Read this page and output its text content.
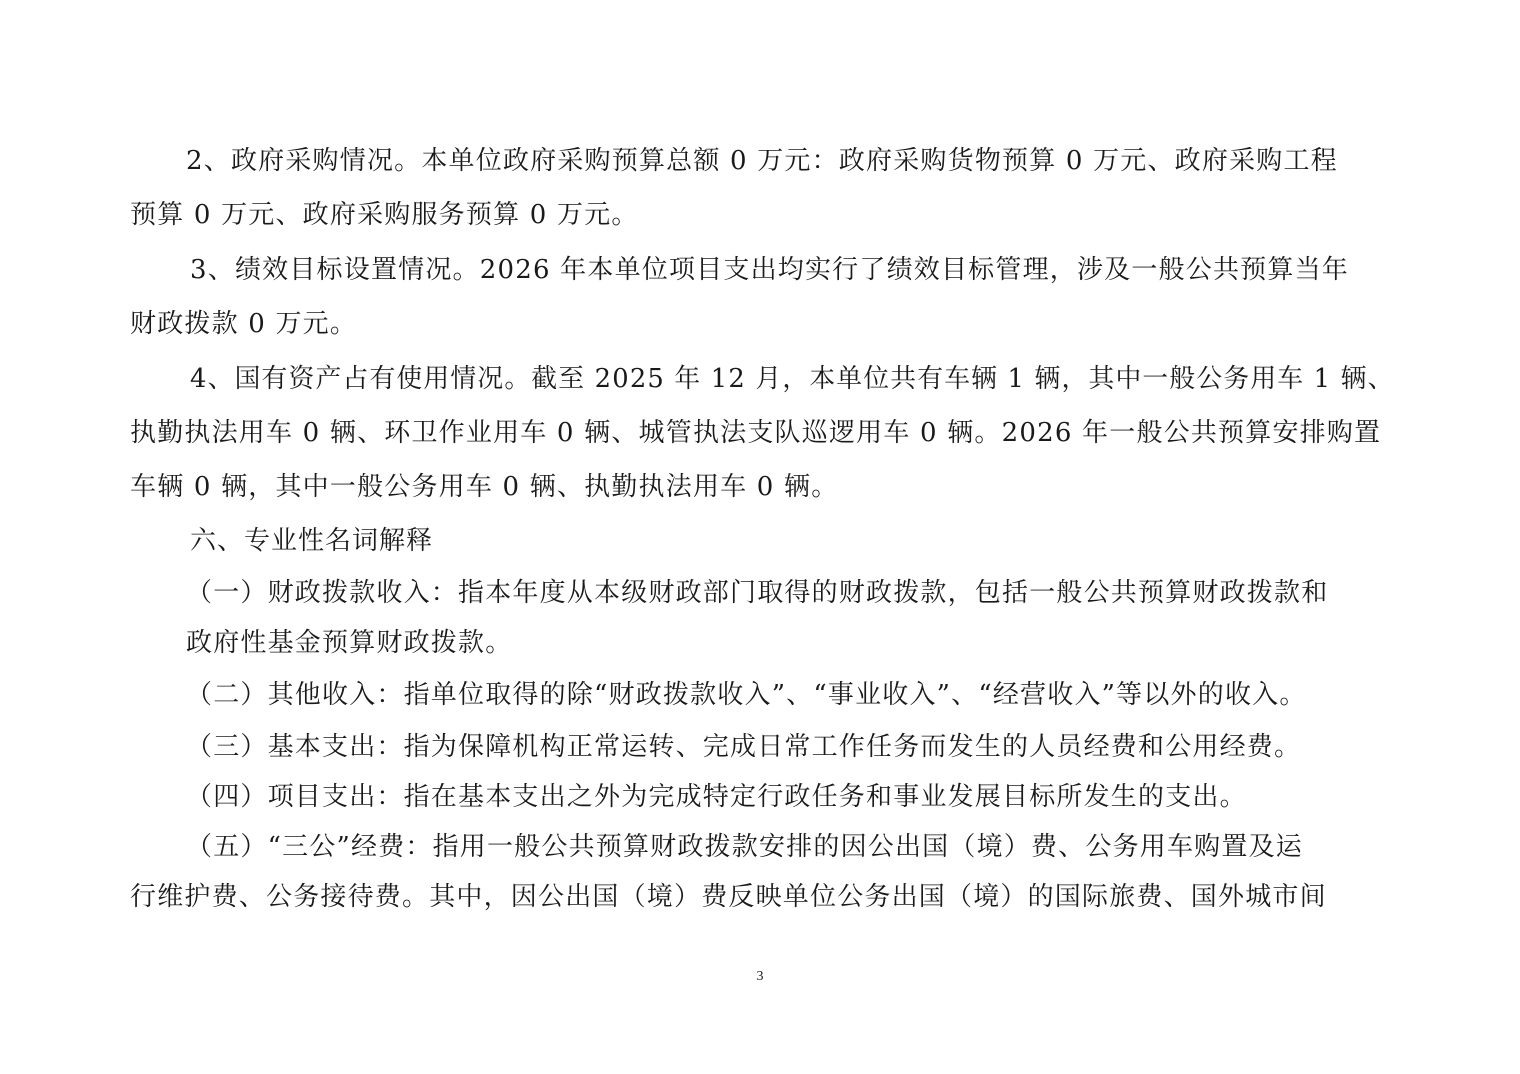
2、政府采购情况。本单位政府采购预算总额 0 万元：政府采购货物预算 0 万元、政府采购工程
预算 0 万元、政府采购服务预算 0 万元。
3、绩效目标设置情况。2026 年本单位项目支出均实行了绩效目标管理，涉及一般公共预算当年
财政拨款 0 万元。
4、国有资产占有使用情况。截至 2025 年 12 月，本单位共有车辆 1 辆，其中一般公务用车 1 辆、
执勤执法用车 0 辆、环卫作业用车 0 辆、城管执法支队巡逻用车 0 辆。2026 年一般公共预算安排购置
车辆 0 辆，其中一般公务用车 0 辆、执勤执法用车 0 辆。
六、专业性名词解释
（一）财政拨款收入：指本年度从本级财政部门取得的财政拨款，包括一般公共预算财政拨款和
政府性基金预算财政拨款。
（二）其他收入：指单位取得的除“财政拨款收入”、“事业收入”、“经营收入”等以外的收入。
（三）基本支出：指为保障机构正常运转、完成日常工作任务而发生的人员经费和公用经费。
（四）项目支出：指在基本支出之外为完成特定行政任务和事业发展目标所发生的支出。
（五）“三公”经费：指用一般公共预算财政拨款安排的因公出国（境）费、公务用车购置及运
行维护费、公务接待费。其中，因公出国（境）费反映单位公务出国（境）的国际旅费、国外城市间
3
